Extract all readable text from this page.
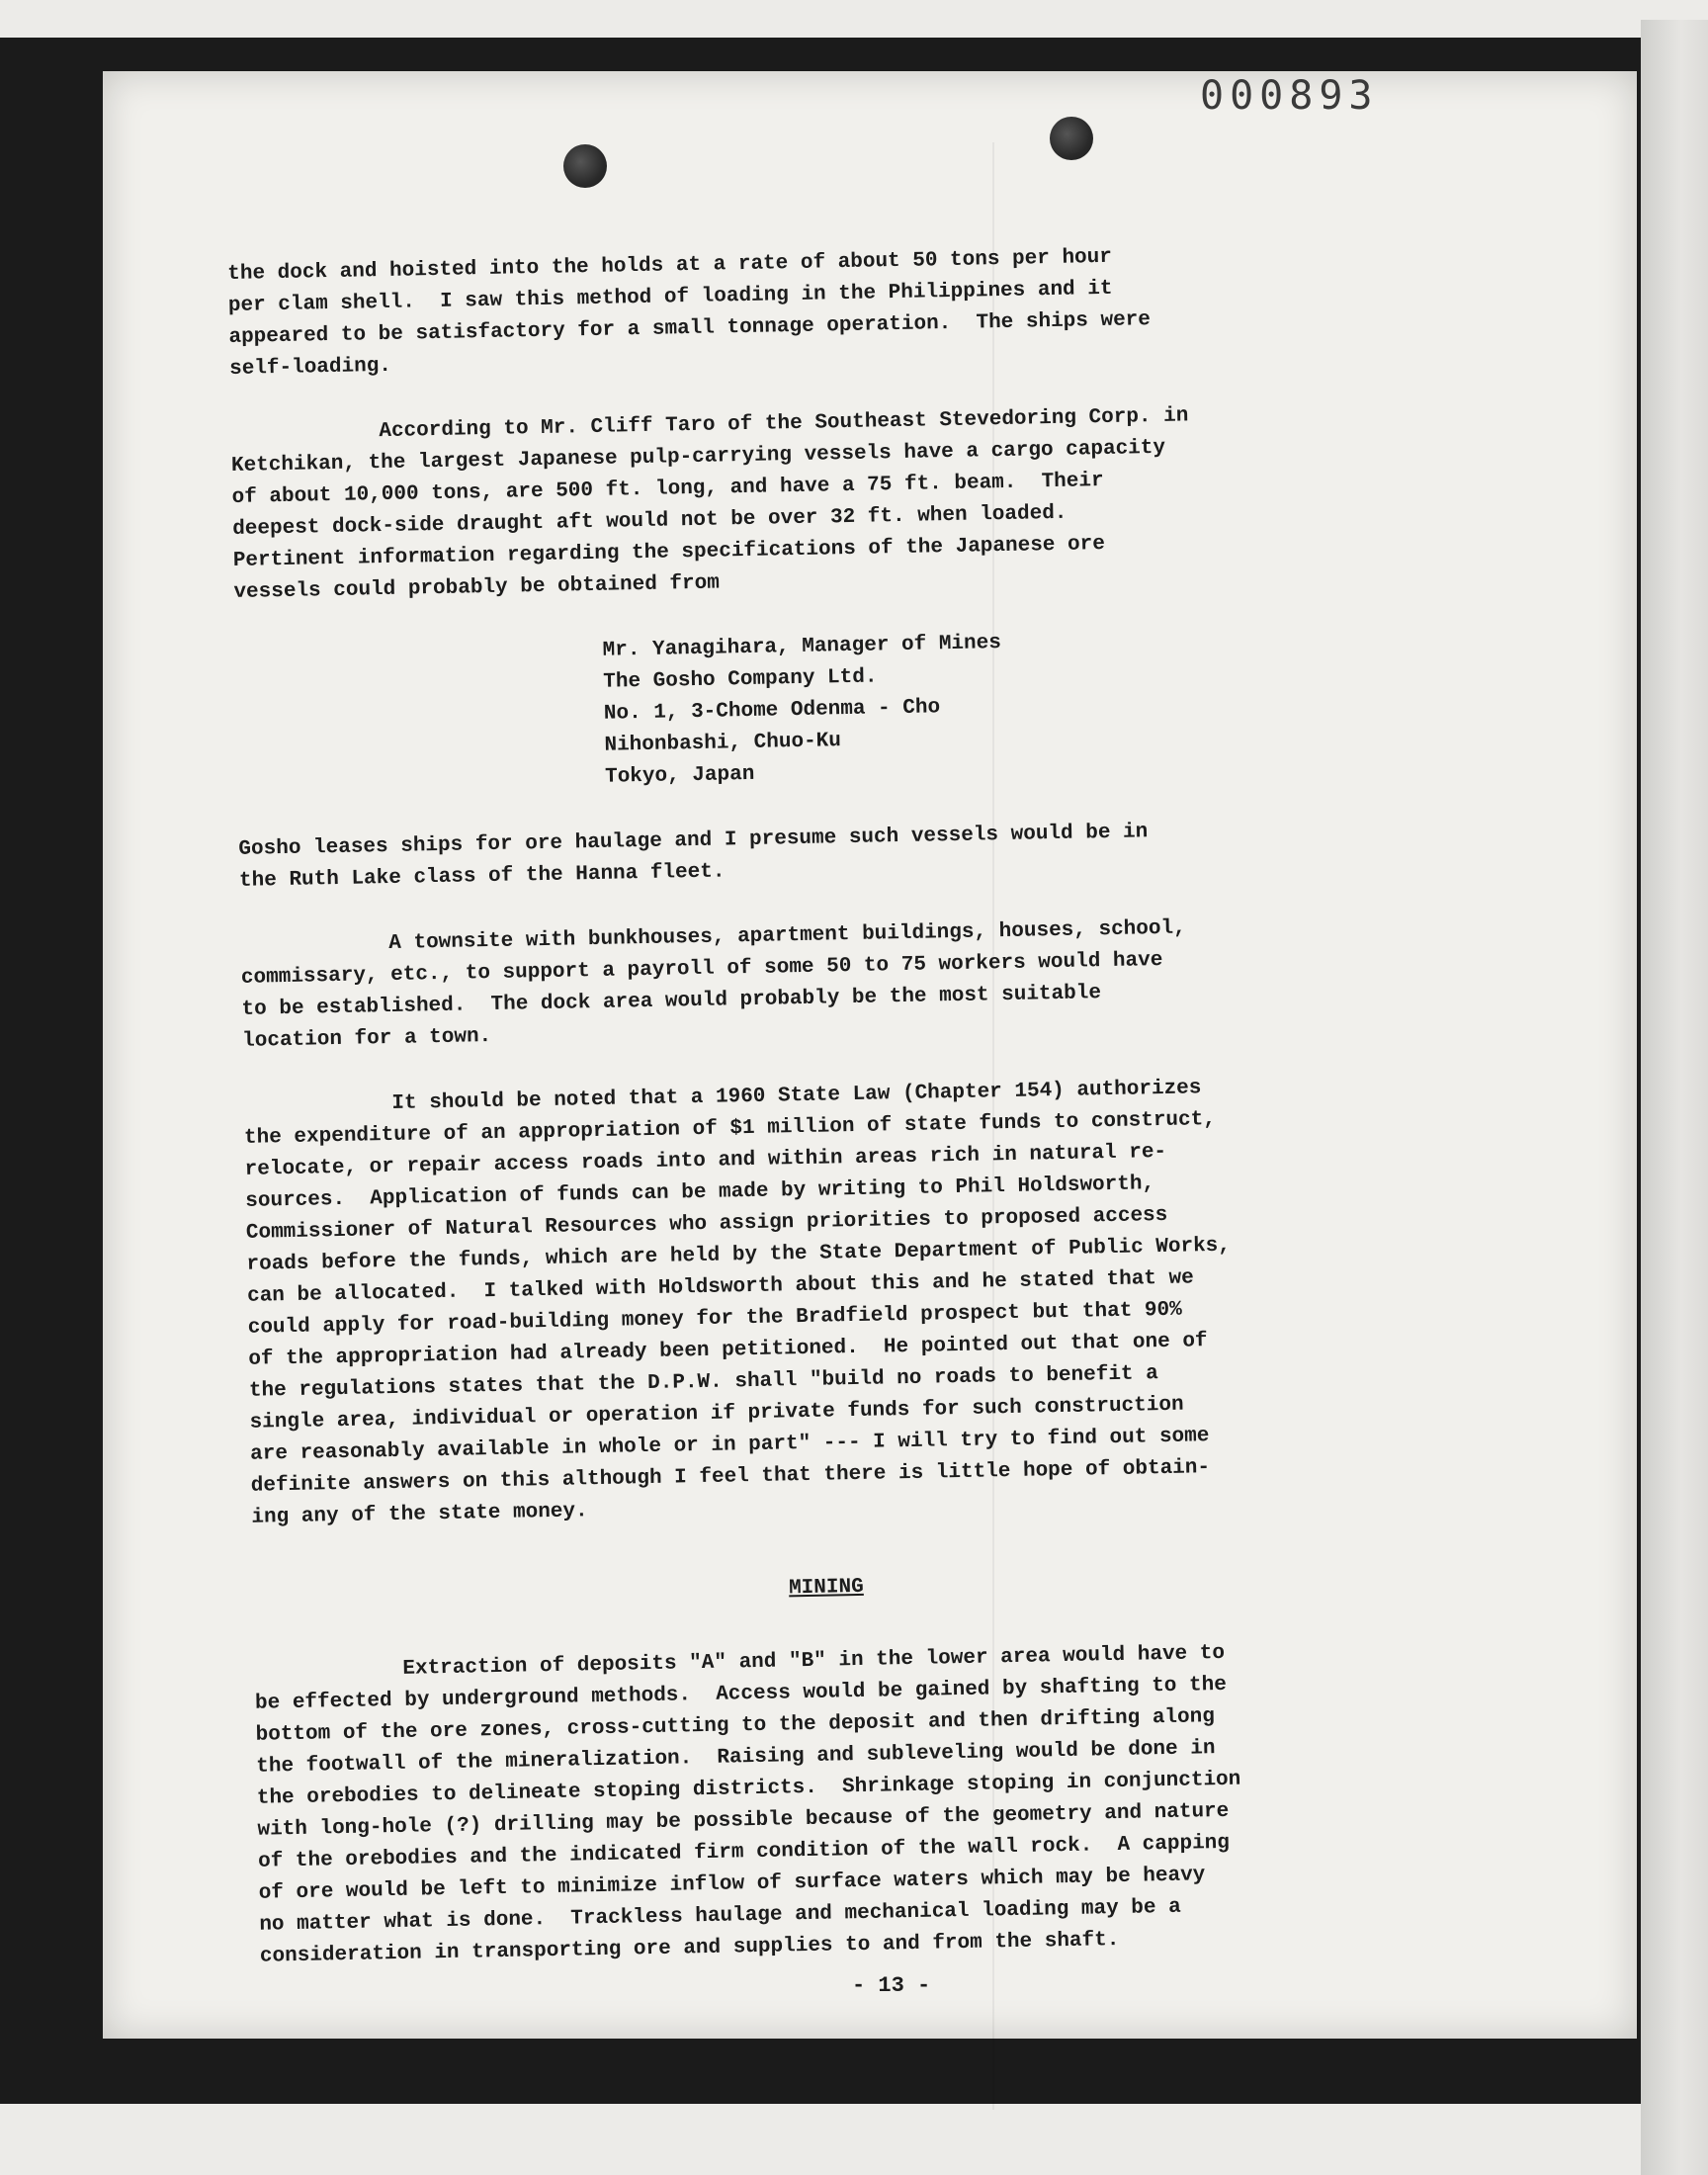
000893
the dock and hoisted into the holds at a rate of about 50 tons per hour
per clam shell.  I saw this method of loading in the Philippines and it
appeared to be satisfactory for a small tonnage operation.  The ships were
self-loading.
According to Mr. Cliff Taro of the Southeast Stevedoring Corp. in
Ketchikan, the largest Japanese pulp-carrying vessels have a cargo capacity
of about 10,000 tons, are 500 ft. long, and have a 75 ft. beam.  Their
deepest dock-side draught aft would not be over 32 ft. when loaded.
Pertinent information regarding the specifications of the Japanese ore
vessels could probably be obtained from
Mr. Yanagihara, Manager of Mines
The Gosho Company Ltd.
No. 1, 3-Chome Odenma - Cho
Nihonbashi, Chuo-Ku
Tokyo, Japan
Gosho leases ships for ore haulage and I presume such vessels would be in
the Ruth Lake class of the Hanna fleet.
A townsite with bunkhouses, apartment buildings, houses, school,
commissary, etc., to support a payroll of some 50 to 75 workers would have
to be established.  The dock area would probably be the most suitable
location for a town.
It should be noted that a 1960 State Law (Chapter 154) authorizes
the expenditure of an appropriation of $1 million of state funds to construct,
relocate, or repair access roads into and within areas rich in natural re-
sources.  Application of funds can be made by writing to Phil Holdsworth,
Commissioner of Natural Resources who assign priorities to proposed access
roads before the funds, which are held by the State Department of Public Works,
can be allocated.  I talked with Holdsworth about this and he stated that we
could apply for road-building money for the Bradfield prospect but that 90%
of the appropriation had already been petitioned.  He pointed out that one of
the regulations states that the D.P.W. shall "build no roads to benefit a
single area, individual or operation if private funds for such construction
are reasonably available in whole or in part" --- I will try to find out some
definite answers on this although I feel that there is little hope of obtain-
ing any of the state money.
MINING
Extraction of deposits "A" and "B" in the lower area would have to
be effected by underground methods.  Access would be gained by shafting to the
bottom of the ore zones, cross-cutting to the deposit and then drifting along
the footwall of the mineralization.  Raising and subleveling would be done in
the orebodies to delineate stoping districts.  Shrinkage stoping in conjunction
with long-hole (?) drilling may be possible because of the geometry and nature
of the orebodies and the indicated firm condition of the wall rock.  A capping
of ore would be left to minimize inflow of surface waters which may be heavy
no matter what is done.  Trackless haulage and mechanical loading may be a
consideration in transporting ore and supplies to and from the shaft.
- 13 -
